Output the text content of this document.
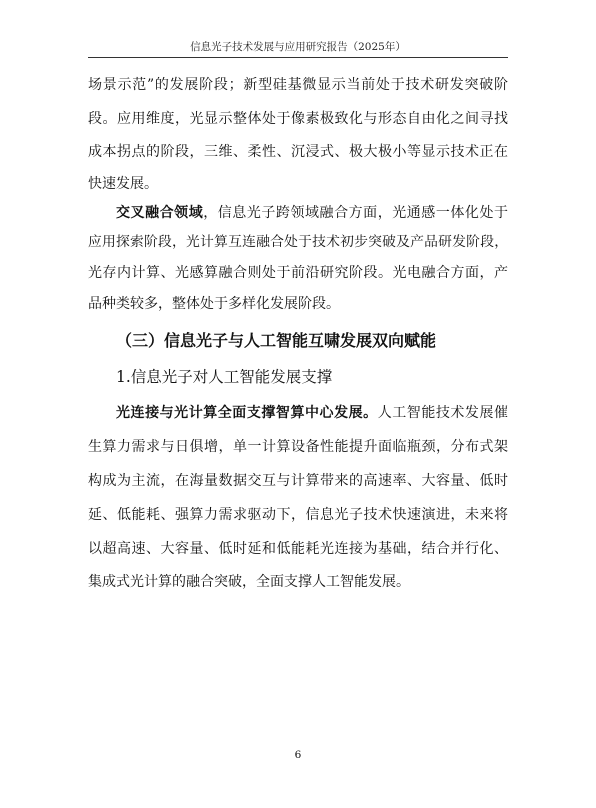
信息光子技术发展与应用研究报告（2025年）
场景示范”的发展阶段；新型硅基微显示当前处于技术研发突破阶
段。应用维度，光显示整体处于像素极致化与形态自由化之间寻找
成本拐点的阶段，三维、柔性、沉浸式、极大极小等显示技术正在
快速发展。
交叉融合领域，信息光子跨领域融合方面，光通感一体化处于
应用探索阶段，光计算互连融合处于技术初步突破及产品研发阶段，
光存内计算、光感算融合则处于前沿研究阶段。光电融合方面，产
品种类较多，整体处于多样化发展阶段。
（三）信息光子与人工智能互啸发展双向赋能
1.信息光子对人工智能发展支撑
光连接与光计算全面支撑智算中心发展。人工智能技术发展催
生算力需求与日俱增，单一计算设备性能提升面临瓶颈，分布式架
构成为主流，在海量数据交互与计算带来的高速率、大容量、低时
延、低能耗、强算力需求驱动下，信息光子技术快速演进，未来将
以超高速、大容量、低时延和低能耗光连接为基础，结合并行化、
集成式光计算的融合突破，全面支撑人工智能发展。
6
